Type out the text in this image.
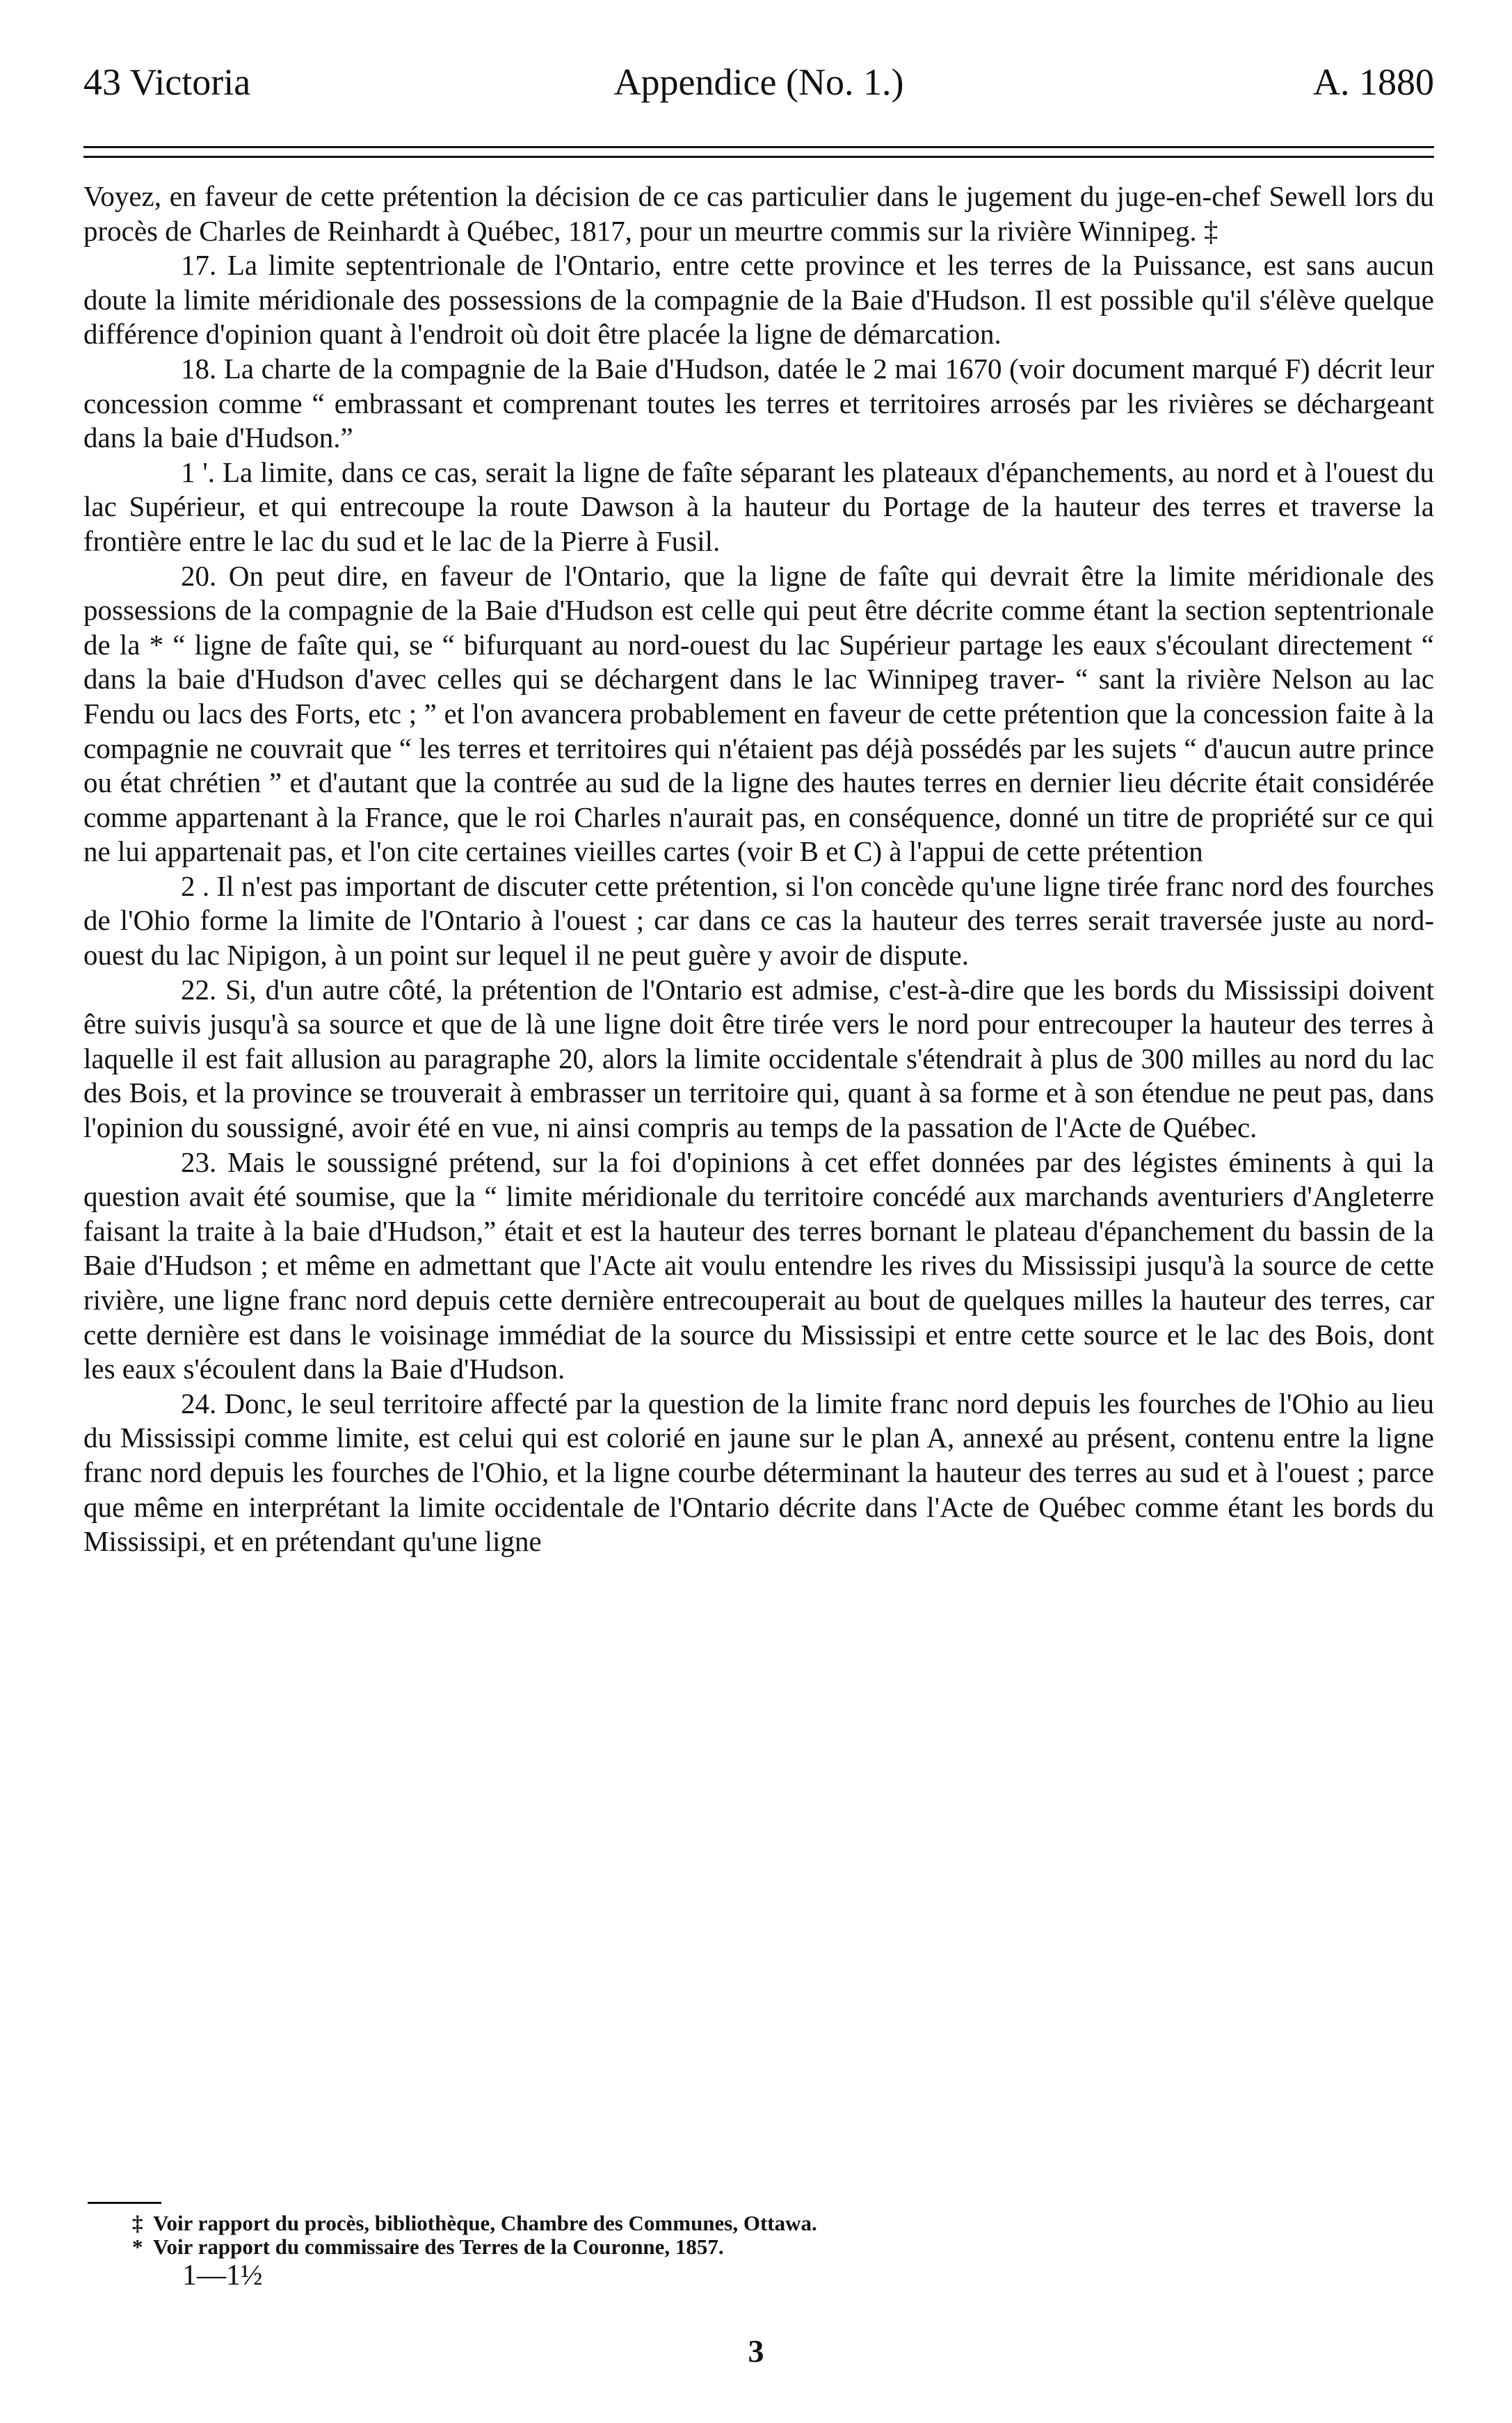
43 Victoria	Appendice (No. 1.)	A. 1880

Voyez, en faveur de cette prétention la décision de ce cas particulier dans le jugement du juge-en-chef Sewell lors du procès de Charles de Reinhardt à Québec, 1817, pour un meurtre commis sur la rivière Winnipeg. ‡

17. La limite septentrionale de l'Ontario, entre cette province et les terres de la Puissance, est sans aucun doute la limite méridionale des possessions de la compagnie de la Baie d'Hudson. Il est possible qu'il s'élève quelque différence d'opinion quant à l'endroit où doit être placée la ligne de démarcation.

18. La charte de la compagnie de la Baie d'Hudson, datée le 2 mai 1670 (voir document marqué F) décrit leur concession comme “ embrassant et comprenant toutes les terres et territoires arrosés par les rivières se déchargeant dans la baie d'Hudson.”

1 '. La limite, dans ce cas, serait la ligne de faîte séparant les plateaux d'épanchements, au nord et à l'ouest du lac Supérieur, et qui entrecoupe la route Dawson à la hauteur du Portage de la hauteur des terres et traverse la frontière entre le lac du sud et le lac de la Pierre à Fusil.

20. On peut dire, en faveur de l'Ontario, que la ligne de faîte qui devrait être la limite méridionale des possessions de la compagnie de la Baie d'Hudson est celle qui peut être décrite comme étant la section septentrionale de la * “ ligne de faîte qui, se “ bifurquant au nord-ouest du lac Supérieur partage les eaux s'écoulant directement “ dans la baie d'Hudson d'avec celles qui se déchargent dans le lac Winnipeg traver- “ sant la rivière Nelson au lac Fendu ou lacs des Forts, etc ; ” et l'on avancera probablement en faveur de cette prétention que la concession faite à la compagnie ne couvrait que “ les terres et territoires qui n'étaient pas déjà possédés par les sujets “ d'aucun autre prince ou état chrétien ” et d'autant que la contrée au sud de la ligne des hautes terres en dernier lieu décrite était considérée comme appartenant à la France, que le roi Charles n'aurait pas, en conséquence, donné un titre de propriété sur ce qui ne lui appartenait pas, et l'on cite certaines vieilles cartes (voir B et C) à l'appui de cette prétention

2 . Il n'est pas important de discuter cette prétention, si l'on concède qu'une ligne tirée franc nord des fourches de l'Ohio forme la limite de l'Ontario à l'ouest ; car dans ce cas la hauteur des terres serait traversée juste au nord-ouest du lac Nipigon, à un point sur lequel il ne peut guère y avoir de dispute.

22. Si, d'un autre côté, la prétention de l'Ontario est admise, c'est-à-dire que les bords du Mississipi doivent être suivis jusqu'à sa source et que de là une ligne doit être tirée vers le nord pour entrecouper la hauteur des terres à laquelle il est fait allusion au paragraphe 20, alors la limite occidentale s'étendrait à plus de 300 milles au nord du lac des Bois, et la province se trouverait à embrasser un territoire qui, quant à sa forme et à son étendue ne peut pas, dans l'opinion du soussigné, avoir été en vue, ni ainsi compris au temps de la passation de l'Acte de Québec.

23. Mais le soussigné prétend, sur la foi d'opinions à cet effet données par des légistes éminents à qui la question avait été soumise, que la “ limite méridionale du territoire concédé aux marchands aventuriers d'Angleterre faisant la traite à la baie d'Hudson,” était et est la hauteur des terres bornant le plateau d'épanchement du bassin de la Baie d'Hudson ; et même en admettant que l'Acte ait voulu entendre les rives du Mississipi jusqu'à la source de cette rivière, une ligne franc nord depuis cette dernière entrecouperait au bout de quelques milles la hauteur des terres, car cette dernière est dans le voisinage immédiat de la source du Mississipi et entre cette source et le lac des Bois, dont les eaux s'écoulent dans la Baie d'Hudson.

24. Donc, le seul territoire affecté par la question de la limite franc nord depuis les fourches de l'Ohio au lieu du Mississipi comme limite, est celui qui est colorié en jaune sur le plan A, annexé au présent, contenu entre la ligne franc nord depuis les fourches de l'Ohio, et la ligne courbe déterminant la hauteur des terres au sud et à l'ouest ; parce que même en interprétant la limite occidentale de l'Ontario décrite dans l'Acte de Québec comme étant les bords du Mississipi, et en prétendant qu'une ligne

‡ Voir rapport du procès, bibliothèque, Chambre des Communes, Ottawa.

* Voir rapport du commissaire des Terres de la Couronne, 1857.

1—1½
3
